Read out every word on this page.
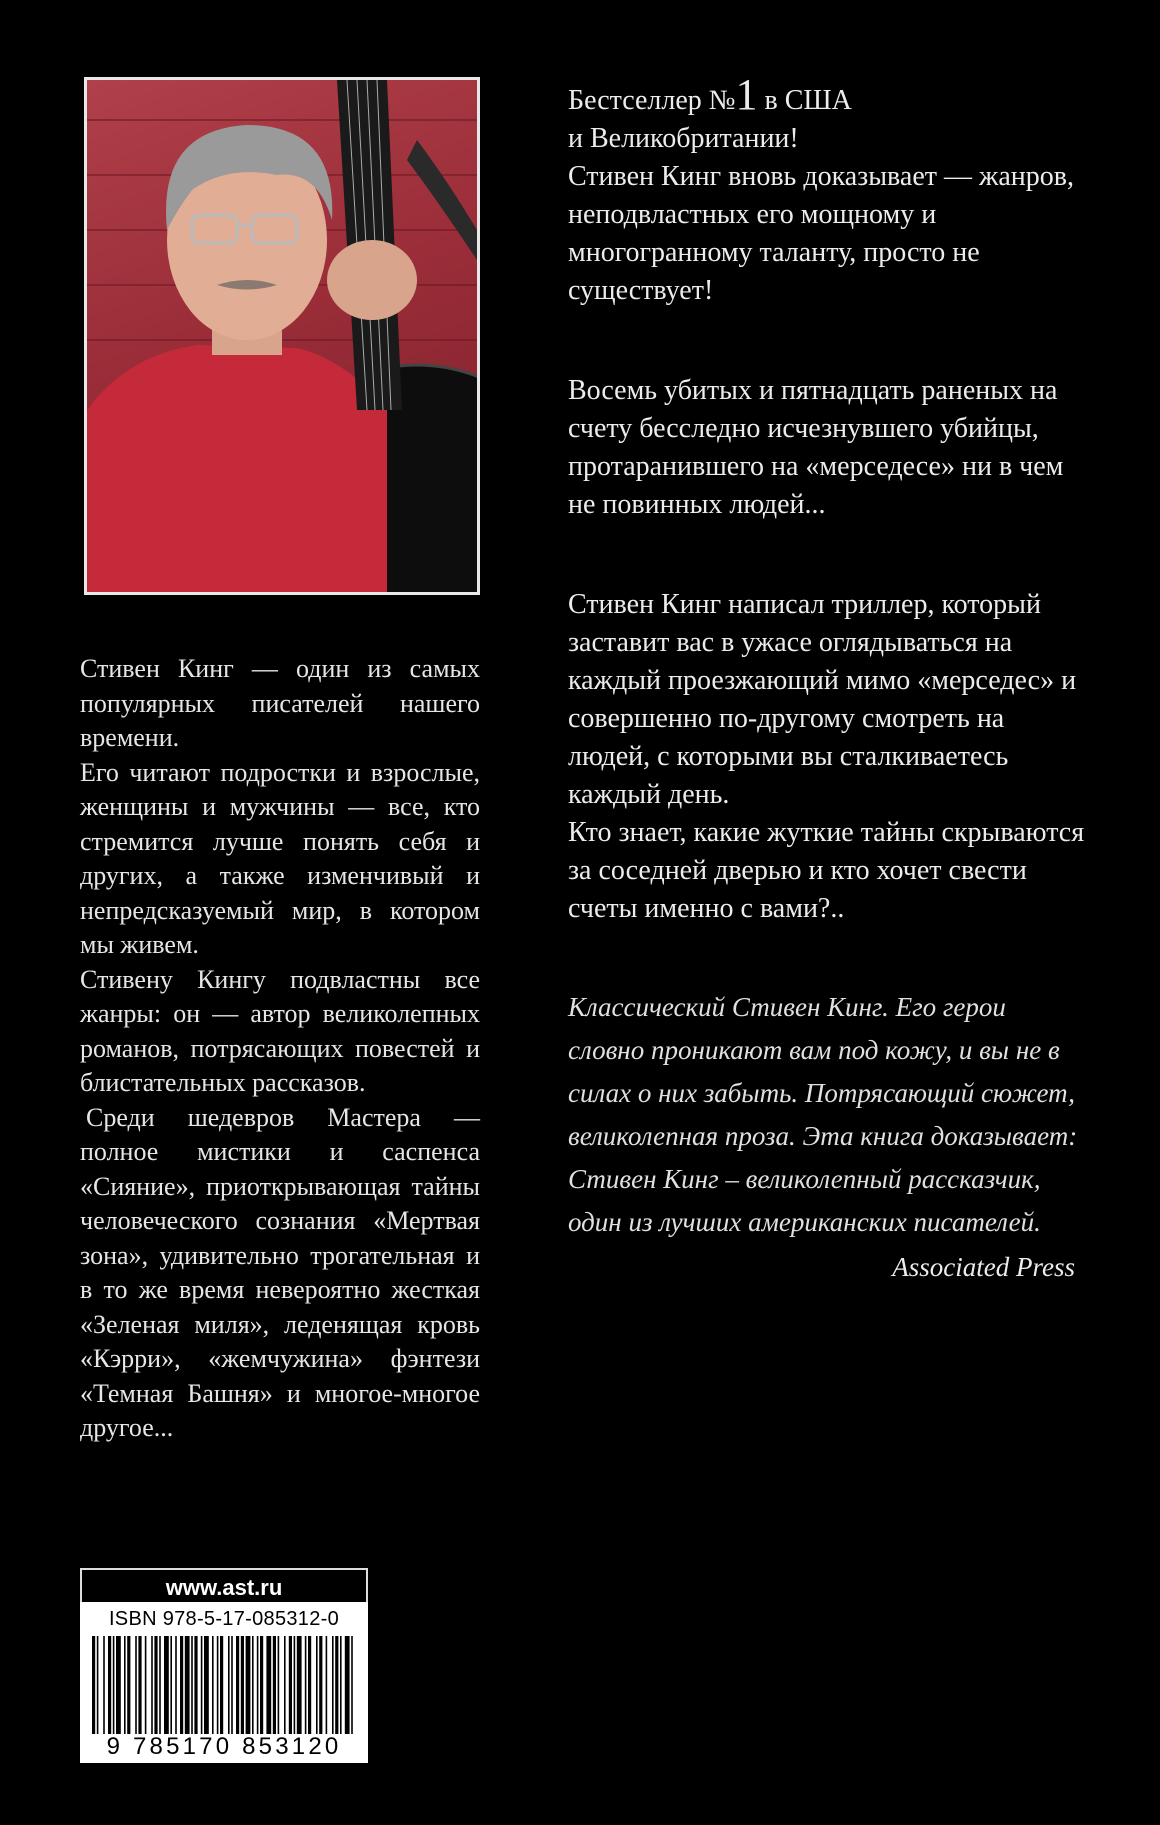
Стивен Кинг — один из самых популярных писателей нашего времени.

Его читают подростки и взрослые, женщины и мужчины — все, кто стремится лучше понять себя и других, а также изменчивый и непредсказуемый мир, в котором мы живем.

Стивену Кингу подвластны все жанры: он — автор великолепных романов, потрясающих повестей и блистательных рассказов.

Среди шедевров Мастера — полное мистики и саспенса «Сияние», приоткрывающая тайны человеческого сознания «Мертвая зона», удивительно трогательная и в то же время невероятно жесткая «Зеленая миля», леденящая кровь «Кэрри», «жемчужина» фэнтези «Темная Башня» и многое-многое другое...

Бестселлер №1 в США
и Великобритании!
Стивен Кинг вновь доказывает — жанров, неподвластных его мощному и многогранному таланту, просто не существует!

Восемь убитых и пятнадцать раненых на счету бесследно исчезнувшего убийцы, протаранившего на «мерседесе» ни в чем не повинных людей...

Стивен Кинг написал триллер, который заставит вас в ужасе оглядываться на каждый проезжающий мимо «мерседес» и совершенно по-другому смотреть на людей, с которыми вы сталкиваетесь каждый день.

Кто знает, какие жуткие тайны скрываются за соседней дверью и кто хочет свести счеты именно с вами?..

Классический Стивен Кинг. Его герои словно проникают вам под кожу, и вы не в силах о них забыть. Потрясающий сюжет, великолепная проза. Эта книга доказывает: Стивен Кинг – великолепный рассказчик, один из лучших американских писателей.

Associated Press

www.ast.ru
ISBN 978-5-17-085312-0
9 785170 853120
